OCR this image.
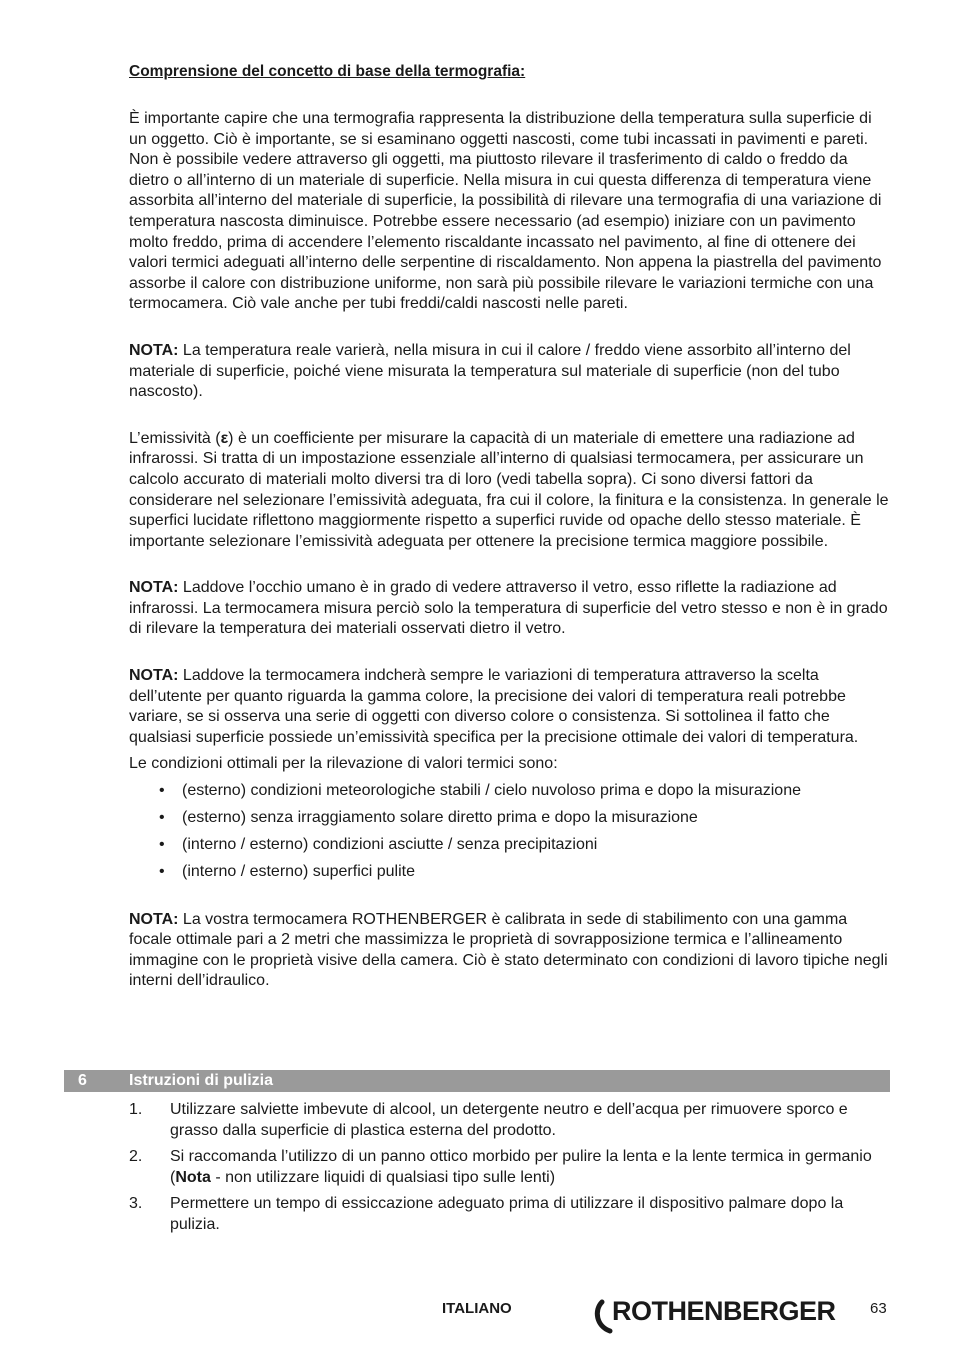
Comprensione del concetto di base della termografia:

È importante capire che una termografia rappresenta la distribuzione della temperatura sulla superficie di un oggetto. Ciò è importante, se si esaminano oggetti nascosti, come tubi incassati in pavimenti e pareti. Non è possibile vedere attraverso gli oggetti, ma piuttosto rilevare il trasferimento di caldo o freddo da dietro o all’interno di un materiale di superficie. Nella misura in cui questa differenza di temperatura viene assorbita all’interno del materiale di superficie, la possibilità di rilevare una termografia di una variazione di temperatura nascosta diminuisce. Potrebbe essere necessario (ad esempio) iniziare con un pavimento molto freddo, prima di accendere l’elemento riscaldante incassato nel pavimento, al fine di ottenere dei valori termici adeguati all’interno delle serpentine di riscaldamento. Non appena la piastrella del pavimento assorbe il calore con distribuzione uniforme, non sarà più possibile rilevare le variazioni termiche con una termocamera. Ciò vale anche per tubi freddi/caldi nascosti nelle pareti.

NOTA: La temperatura reale varierà, nella misura in cui il calore / freddo viene assorbito all’interno del materiale di superficie, poiché viene misurata la temperatura sul materiale di superficie (non del tubo nascosto).

L’emissività (ε) è un coefficiente per misurare la capacità di un materiale di emettere una radiazione ad infrarossi. Si tratta di un impostazione essenziale all’interno di qualsiasi termocamera, per assicurare un calcolo accurato di materiali molto diversi tra di loro (vedi tabella sopra). Ci sono diversi fattori da considerare nel selezionare l’emissività adeguata, fra cui il colore, la finitura e la consistenza. In generale le superfici lucidate riflettono maggiormente rispetto a superfici ruvide od opache dello stesso materiale. È importante selezionare l’emissività adeguata per ottenere la precisione termica maggiore possibile.

NOTA: Laddove l’occhio umano è in grado di vedere attraverso il vetro, esso riflette la radiazione ad infrarossi. La termocamera misura perciò solo la temperatura di superficie del vetro stesso e non è in grado di rilevare la temperatura dei materiali osservati dietro il vetro.

NOTA: Laddove la termocamera indcherà sempre le variazioni di temperatura attraverso la scelta dell’utente per quanto riguarda la gamma colore, la precisione dei valori di temperatura reali potrebbe variare, se si osserva una serie di oggetti con diverso colore o consistenza. Si sottolinea il fatto che qualsiasi superficie possiede un’emissività specifica per la precisione ottimale dei valori di temperatura.

Le condizioni ottimali per la rilevazione di valori termici sono:

• (esterno) condizioni meteorologiche stabili / cielo nuvoloso prima e dopo la misurazione
• (esterno) senza irraggiamento solare diretto prima e dopo la misurazione
• (interno / esterno) condizioni asciutte / senza precipitazioni
• (interno / esterno) superfici pulite

NOTA: La vostra termocamera ROTHENBERGER è calibrata in sede di stabilimento con una gamma focale ottimale pari a 2 metri che massimizza le proprietà di sovrapposizione termica e l’allineamento immagine con le proprietà visive della camera. Ciò è stato determinato con condizioni di lavoro tipiche negli interni dell’idraulico.

6	Istruzioni di pulizia
1. Utilizzare salviette imbevute di alcool, un detergente neutro e dell’acqua per rimuovere sporco e grasso dalla superficie di plastica esterna del prodotto.
2. Si raccomanda l’utilizzo di un panno ottico morbido per pulire la lenta e la lente termica in germanio (Nota - non utilizzare liquidi di qualsiasi tipo sulle lenti)
3. Permettere un tempo di essiccazione adeguato prima di utilizzare il dispositivo palmare dopo la pulizia.
ITALIANO	ROTHENBERGER 63
